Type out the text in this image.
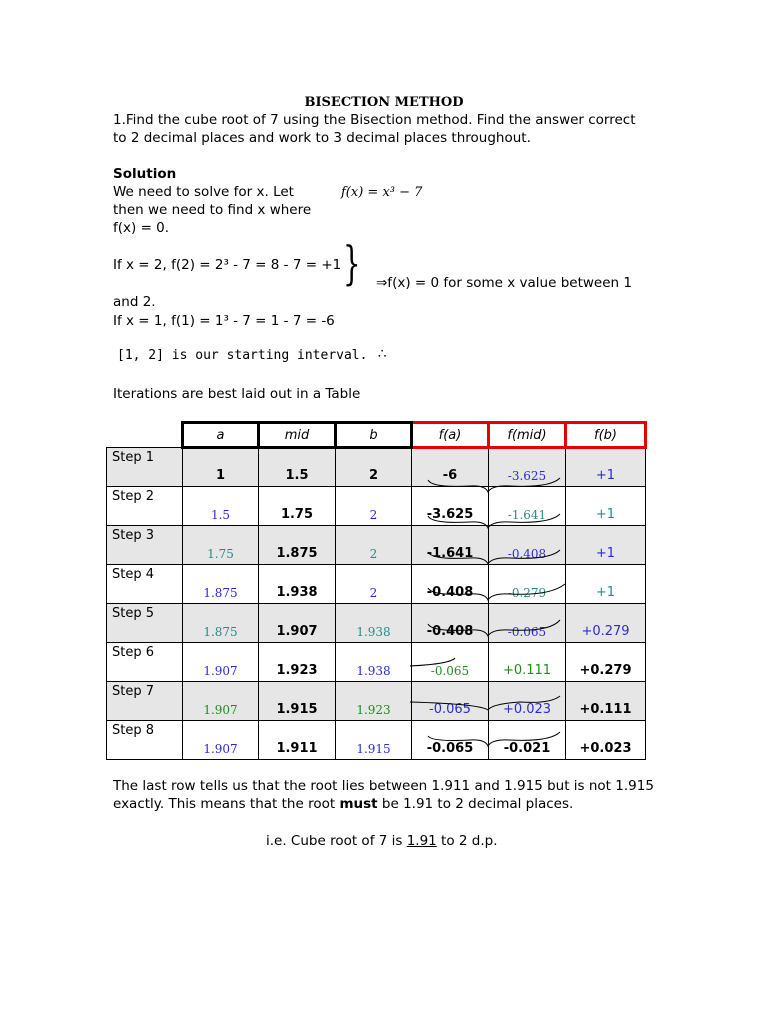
BISECTION METHOD
1.Find the cube root of 7 using the Bisection method. Find the answer correct
to 2 decimal places and work to 3 decimal places throughout.
Solution
We need to solve for x. Let
then we need to find x where
f(x) = 0.
f(x) = x³ − 7
If x = 2, f(2) = 2³ - 7 = 8 - 7 = +1 } ⇒f(x) = 0 for some x value between 1
and 2.
If x = 1, f(1) = 1³ - 7 = 1 - 7 = -6
[1, 2] is our starting interval. ∴
Iterations are best laid out in a Table
	a	mid	b	f(a)	f(mid)	f(b)
Step 1	1	1.5	2	-6	-3.625	+1
Step 2	1.5	1.75	2	-3.625	-1.641	+1
Step 3	1.75	1.875	2	-1.641	-0.408	+1
Step 4	1.875	1.938	2	-0.408	-0.279	+1
Step 5	1.875	1.907	1.938	-0.408	-0.065	+0.279
Step 6	1.907	1.923	1.938	-0.065	+0.111	+0.279
Step 7	1.907	1.915	1.923	-0.065	+0.023	+0.111
Step 8	1.907	1.911	1.915	-0.065	-0.021	+0.023
The last row tells us that the root lies between 1.911 and 1.915 but is not 1.915
exactly. This means that the root must be 1.91 to 2 decimal places.
i.e. Cube root of 7 is 1.91 to 2 d.p.
